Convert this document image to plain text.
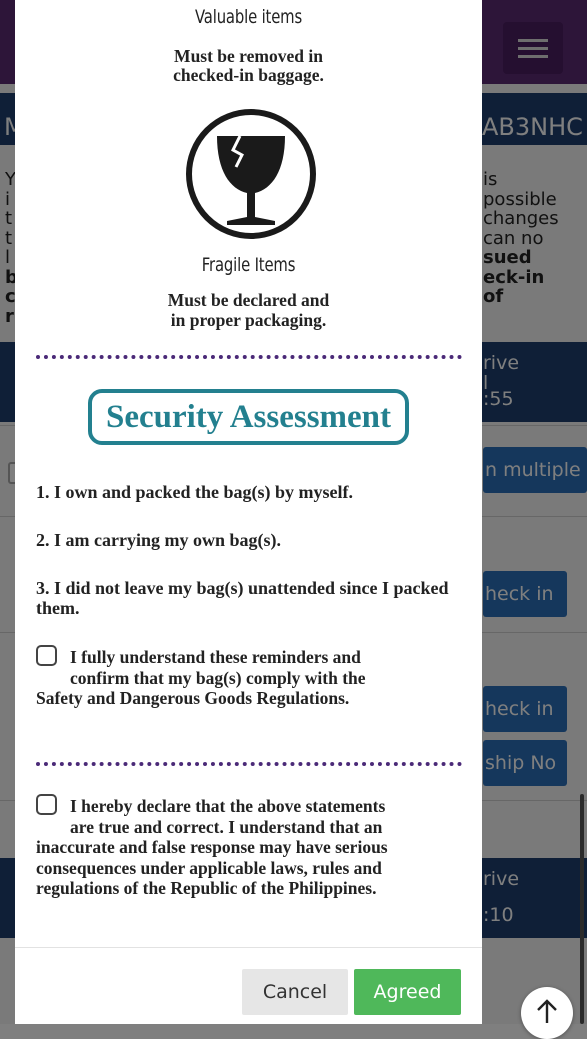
Valuable items
Must be removed in
checked-in baggage.
Fragile Items
Must be declared and
in proper packaging.
Security Assessment
1. I own and packed the bag(s) by myself.
2. I am carrying my own bag(s).
3. I did not leave my bag(s) unattended since I packed them.
I fully understand these reminders and
confirm that my bag(s) comply with the
Safety and Dangerous Goods Regulations.
I hereby declare that the above statements
are true and correct. I understand that an
inaccurate and false response may have serious
consequences under applicable laws, rules and
regulations of the Republic of the Philippines.
Cancel	Agreed
